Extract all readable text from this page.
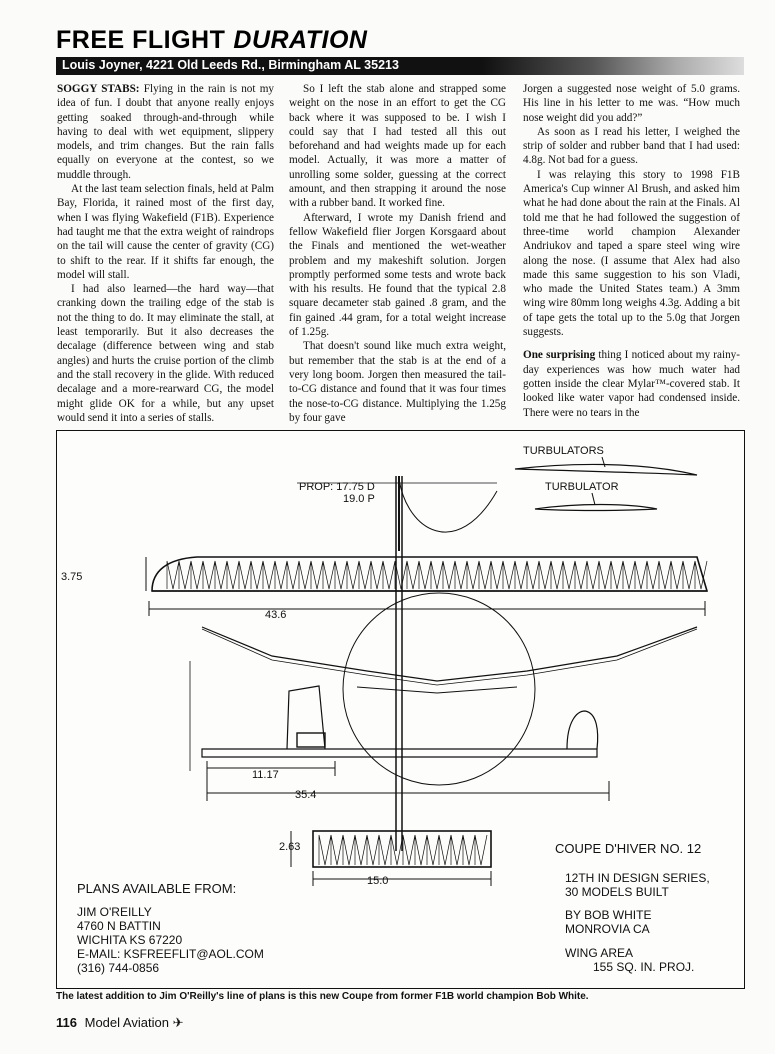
FREE FLIGHT DURATION
Louis Joyner, 4221 Old Leeds Rd., Birmingham AL 35213

SOGGY STABS: Flying in the rain is not my idea of fun. I doubt that anyone really enjoys getting soaked through-and-through while having to deal with wet equipment, slippery models, and trim changes. But the rain falls equally on everyone at the contest, so we muddle through.

At the last team selection finals, held at Palm Bay, Florida, it rained most of the first day, when I was flying Wakefield (F1B). Experience had taught me that the extra weight of raindrops on the tail will cause the center of gravity (CG) to shift to the rear. If it shifts far enough, the model will stall.

I had also learned—the hard way—that cranking down the trailing edge of the stab is not the thing to do. It may eliminate the stall, at least temporarily. But it also decreases the decalage (difference between wing and stab angles) and hurts the cruise portion of the climb and the stall recovery in the glide. With reduced decalage and a more-rearward CG, the model might glide OK for a while, but any upset would send it into a series of stalls.

So I left the stab alone and strapped some weight on the nose in an effort to get the CG back where it was supposed to be. I wish I could say that I had tested all this out beforehand and had weights made up for each model. Actually, it was more a matter of unrolling some solder, guessing at the correct amount, and then strapping it around the nose with a rubber band. It worked fine.

Afterward, I wrote my Danish friend and fellow Wakefield flier Jorgen Korsgaard about the Finals and mentioned the wet-weather problem and my makeshift solution. Jorgen promptly performed some tests and wrote back with his results. He found that the typical 2.8 square decameter stab gained .8 gram, and the fin gained .44 gram, for a total weight increase of 1.25g.

That doesn't sound like much extra weight, but remember that the stab is at the end of a very long boom. Jorgen then measured the tail-to-CG distance and found that it was four times the nose-to-CG distance. Multiplying the 1.25g by four gave

Jorgen a suggested nose weight of 5.0 grams. His line in his letter to me was. “How much nose weight did you add?”

As soon as I read his letter, I weighed the strip of solder and rubber band that I had used: 4.8g. Not bad for a guess.

I was relaying this story to 1998 F1B America's Cup winner Al Brush, and asked him what he had done about the rain at the Finals. Al told me that he had followed the suggestion of three-time world champion Alexander Andriukov and taped a spare steel wing wire along the nose. (I assume that Alex had also made this same suggestion to his son Vladi, who made the United States team.) A 3mm wing wire 80mm long weighs 4.3g. Adding a bit of tape gets the total up to the 5.0g that Jorgen suggests.

One surprising thing I noticed about my rainy-day experiences was how much water had gotten inside the clear Mylar™-covered stab. It looked like water vapor had condensed inside. There were no tears in the

TURBULATORS
TURBULATOR
PROP: 17.75 D
19.0 P
3.75
43.6
11.17
35.4
2.63
15.0
COUPE D'HIVER NO. 12
12TH IN DESIGN SERIES,
30 MODELS BUILT
BY BOB WHITE
MONROVIA CA
WING AREA
155 SQ. IN. PROJ.
PLANS AVAILABLE FROM:
JIM O'REILLY
4760 N BATTIN
WICHITA KS 67220
E-MAIL: KSFREEFLIT@AOL.COM
(316) 744-0856
The latest addition to Jim O'Reilly's line of plans is this new Coupe from former F1B world champion Bob White.
116 Model Aviation ✈
